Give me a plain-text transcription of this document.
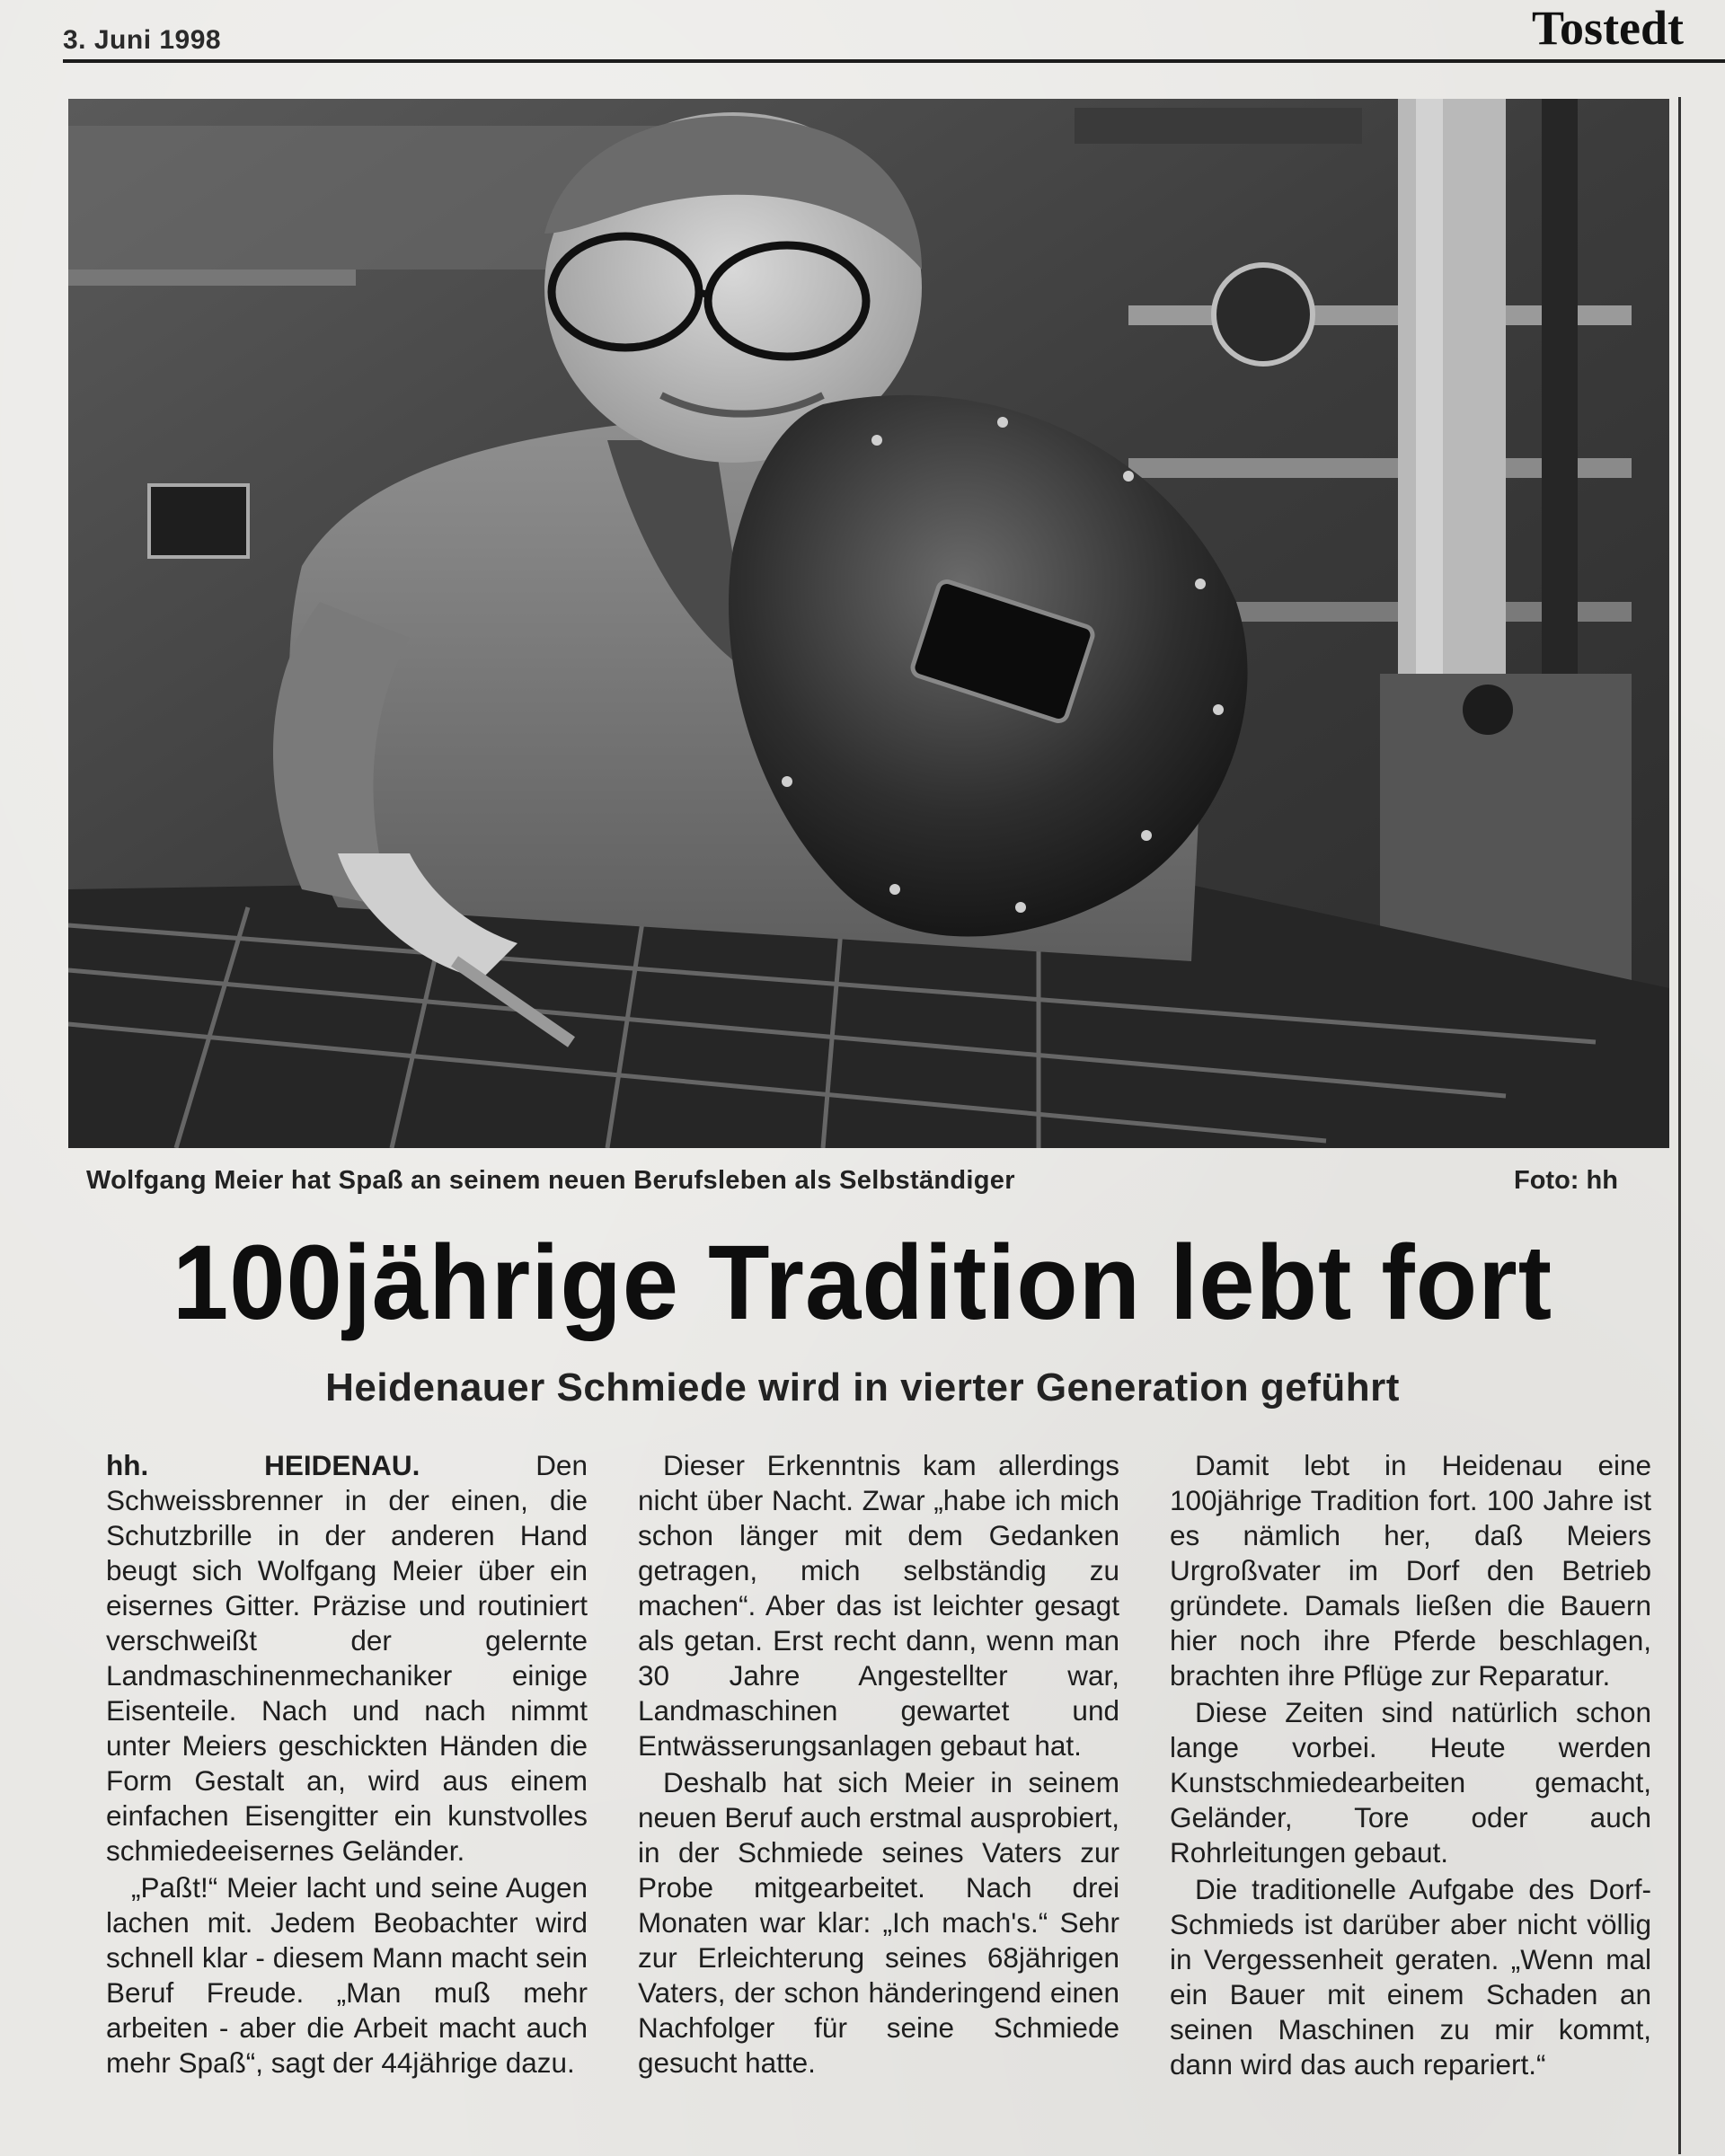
3. Juni 1998	Tostedt
Wolfgang Meier hat Spaß an seinem neuen Berufsleben als Selbständiger	Foto: hh
100jährige Tradition lebt fort
Heidenauer Schmiede wird in vierter Generation geführt

hh. HEIDENAU.	Den Schweissbrenner in der einen, die Schutzbrille in der anderen Hand beugt sich Wolfgang Meier über ein eisernes Gitter. Präzise und routiniert verschweißt der gelernte Landmaschinenmechaniker einige Eisenteile. Nach und nach nimmt unter Meiers geschickten Händen die Form Gestalt an, wird aus einem einfachen Eisengitter ein kunstvolles schmiedeeisernes Geländer.

„Paßt!“ Meier lacht und seine Augen lachen mit. Jedem Beobachter wird schnell klar - diesem Mann macht sein Beruf Freude. „Man muß mehr arbeiten - aber die Arbeit macht auch mehr Spaß“, sagt der 44jährige dazu.

Dieser Erkenntnis kam allerdings nicht über Nacht. Zwar „habe ich mich schon länger mit dem Gedanken getragen, mich selbständig zu machen“. Aber das ist leichter gesagt als getan. Erst recht dann, wenn man 30 Jahre Angestellter war, Landmaschinen gewartet und Entwässerungsanlagen gebaut hat.

Deshalb hat sich Meier in seinem neuen Beruf auch erstmal ausprobiert, in der Schmiede seines Vaters zur Probe mitgearbeitet. Nach drei Monaten war klar: „Ich mach's.“ Sehr zur Erleichterung seines 68jährigen Vaters, der schon händeringend einen Nachfolger für seine Schmiede gesucht hatte.

Damit lebt in Heidenau eine 100jährige Tradition fort. 100 Jahre ist es nämlich her, daß Meiers Urgroßvater im Dorf den Betrieb gründete. Damals ließen die Bauern hier noch ihre Pferde beschlagen, brachten ihre Pflüge zur Reparatur.

Diese Zeiten sind natürlich schon lange vorbei. Heute werden Kunstschmiedearbeiten gemacht, Geländer, Tore oder auch Rohrleitungen gebaut.

Die traditionelle Aufgabe des Dorf-Schmieds ist darüber aber nicht völlig in Vergessenheit geraten. „Wenn mal ein Bauer mit einem Schaden an seinen Maschinen zu mir kommt, dann wird das auch repariert.“
